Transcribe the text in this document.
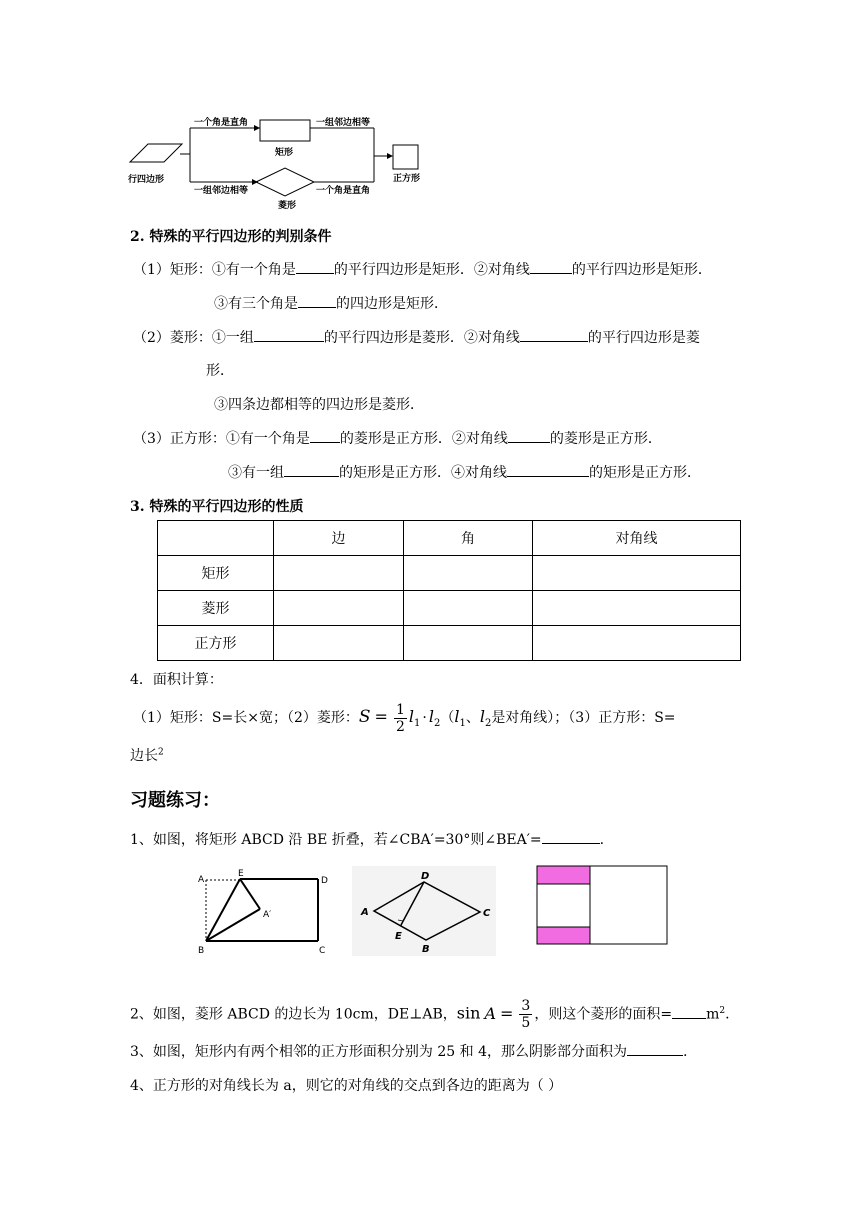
行四边形
一个角是直角	一组邻边相等
矩形
一组邻边相等	一个角是直角
菱形
正方形
2. 特殊的平行四边形的判别条件
（1）矩形：①有一个角是	的平行四边形是矩形．②对角线	的平行四边形是矩形．
③有三个角是	的四边形是矩形．
（2）菱形：①一组	的平行四边形是菱形．②对角线	的平行四边形是菱
形．
③四条边都相等的四边形是菱形．
（3）正方形：①有一个角是 的菱形是正方形．②对角线	的菱形是正方形．
③有一组	的矩形是正方形．④对角线	的矩形是正方形．
3. 特殊的平行四边形的性质
	边	角	对角线
矩形			
菱形			
正方形			
4．面积计算：
（1）矩形：S=长×宽；（2）菱形：$S = \frac{1}{2} l_1 \cdot l_2(l_1$、$l_2$是对角线）；（3）正方形：S=
边长$^2$
习题练习：
1、如图，将矩形 ABCD 沿 BE 折叠，若∠CBA′=30°则∠BEA′=	.
A
E
D
A′
B	C
D
A	C
E
B
2、如图，菱形 ABCD 的边长为 10cm，DE⊥AB，$\sin A = \frac{3}{5}$ ，则这个菱形的面积= $m^2$.
3、如图，矩形内有两个相邻的正方形面积分别为 25 和 4，那么阴影部分面积为	.
4、正方形的对角线长为 a，则它的对角线的交点到各边的距离为（ ）
